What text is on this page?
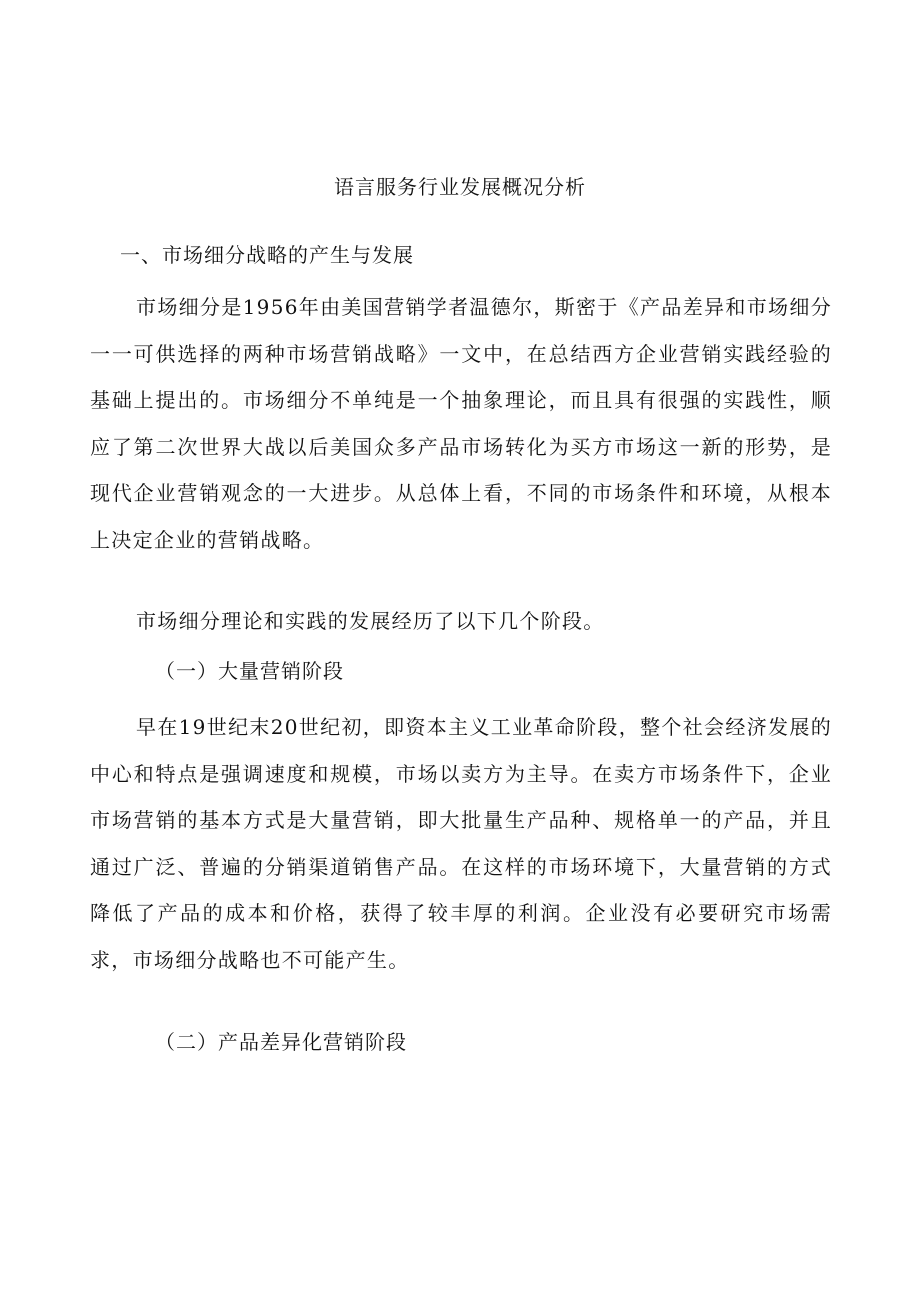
语言服务行业发展概况分析
一、市场细分战略的产生与发展

市场细分是1956年由美国营销学者温德尔，斯密于《产品差异和市场细分一一可供选择的两种市场营销战略》一文中，在总结西方企业营销实践经验的基础上提出的。市场细分不单纯是一个抽象理论，而且具有很强的实践性，顺应了第二次世界大战以后美国众多产品市场转化为买方市场这一新的形势，是现代企业营销观念的一大进步。从总体上看，不同的市场条件和环境，从根本上决定企业的营销战略。

市场细分理论和实践的发展经历了以下几个阶段。

（一）大量营销阶段

早在19世纪末20世纪初，即资本主义工业革命阶段，整个社会经济发展的中心和特点是强调速度和规模，市场以卖方为主导。在卖方市场条件下，企业市场营销的基本方式是大量营销，即大批量生产品种、规格单一的产品，并且通过广泛、普遍的分销渠道销售产品。在这样的市场环境下，大量营销的方式降低了产品的成本和价格，获得了较丰厚的利润。企业没有必要研究市场需求，市场细分战略也不可能产生。

（二）产品差异化营销阶段
